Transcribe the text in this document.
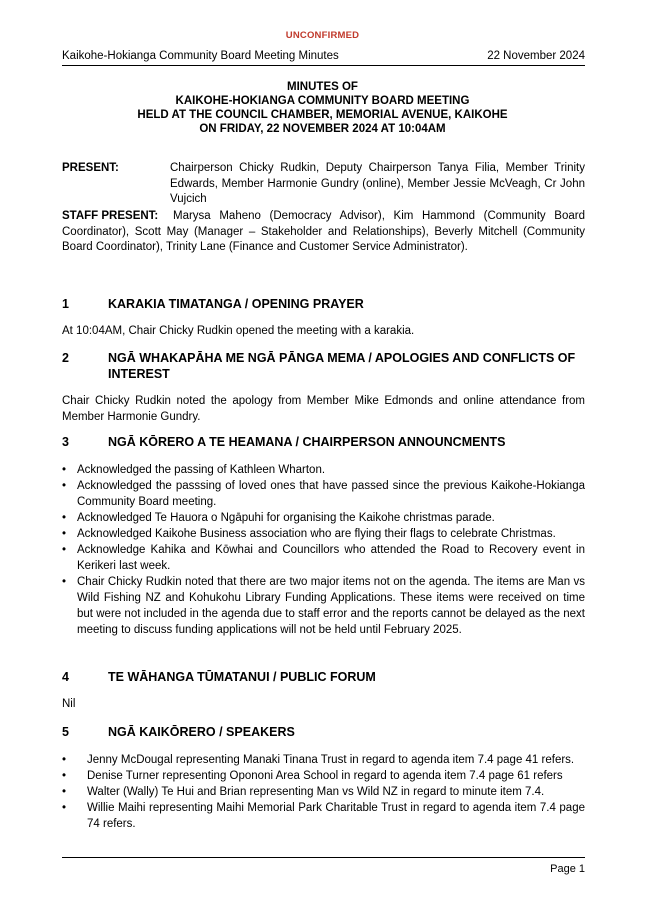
UNCONFIRMED
Kaikohe-Hokianga Community Board Meeting Minutes	22 November 2024
MINUTES OF
KAIKOHE-HOKIANGA COMMUNITY BOARD MEETING
HELD AT THE COUNCIL CHAMBER, MEMORIAL AVENUE, KAIKOHE
ON FRIDAY, 22 NOVEMBER 2024 AT 10:04AM
PRESENT:	Chairperson Chicky Rudkin, Deputy Chairperson Tanya Filia, Member Trinity Edwards, Member Harmonie Gundry (online), Member Jessie McVeagh, Cr John Vujcich
STAFF PRESENT:	Marysa Maheno (Democracy Advisor), Kim Hammond (Community Board Coordinator), Scott May (Manager – Stakeholder and Relationships), Beverly Mitchell (Community Board Coordinator), Trinity Lane (Finance and Customer Service Administrator).
1	KARAKIA TIMATANGA / OPENING PRAYER
At 10:04AM, Chair Chicky Rudkin opened the meeting with a karakia.
2	NGĀ WHAKAPĀHA ME NGĀ PĀNGA MEMA / APOLOGIES AND CONFLICTS OF INTEREST
Chair Chicky Rudkin noted the apology from Member Mike Edmonds and online attendance from Member Harmonie Gundry.
3	NGĀ KŌRERO A TE HEAMANA / CHAIRPERSON ANNOUNCMENTS
• Acknowledged the passing of Kathleen Wharton.
• Acknowledged the passsing of loved ones that have passed since the previous Kaikohe-Hokianga Community Board meeting.
• Acknowledged Te Hauora o Ngāpuhi for organising the Kaikohe christmas parade.
• Acknowledged Kaikohe Business association who are flying their flags to celebrate Christmas.
• Acknowledge Kahika and Kōwhai and Councillors who attended the Road to Recovery event in Kerikeri last week.
• Chair Chicky Rudkin noted that there are two major items not on the agenda. The items are Man vs Wild Fishing NZ and Kohukohu Library Funding Applications. These items were received on time but were not included in the agenda due to staff error and the reports cannot be delayed as the next meeting to discuss funding applications will not be held until February 2025.
4	TE WĀHANGA TŪMATANUI / PUBLIC FORUM
Nil
5	NGĀ KAIKŌRERO / SPEAKERS
• Jenny McDougal representing Manaki Tinana Trust in regard to agenda item 7.4 page 41 refers.
• Denise Turner representing Opononi Area School in regard to agenda item 7.4 page 61 refers
• Walter (Wally) Te Hui and Brian representing Man vs Wild NZ in regard to minute item 7.4.
• Willie Maihi representing Maihi Memorial Park Charitable Trust in regard to agenda item 7.4 page 74 refers.
Page 1
